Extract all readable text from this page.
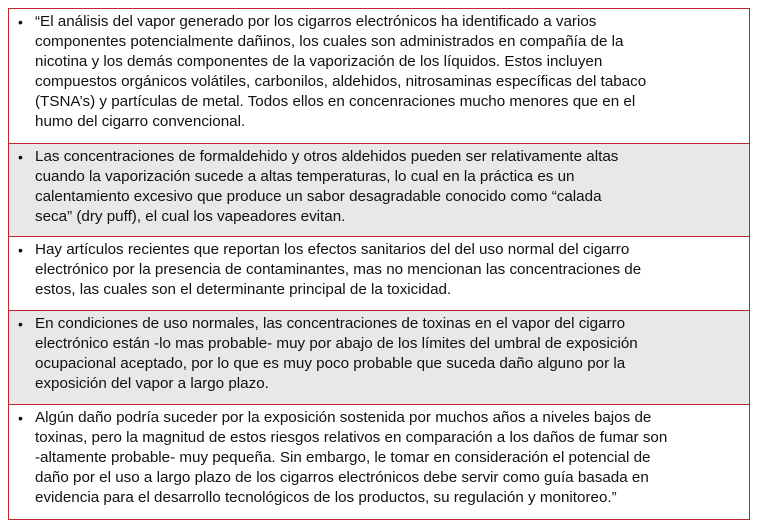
• “El análisis del vapor generado por los cigarros electrónicos ha identificado a varios
componentes potencialmente dañinos, los cuales son administrados en compañía de la
nicotina y los demás componentes de la vaporización de los líquidos. Estos incluyen
compuestos orgánicos volátiles, carbonilos, aldehidos, nitrosaminas específicas del tabaco
(TSNA’s) y partículas de metal. Todos ellos en concenraciones mucho menores que en el
humo del cigarro convencional.
• Las concentraciones de formaldehido y otros aldehidos pueden ser relativamente altas
cuando la vaporización sucede a altas temperaturas, lo cual en la práctica es un
calentamiento excesivo que produce un sabor desagradable conocido como “calada
seca” (dry puff), el cual los vapeadores evitan.
• Hay artículos recientes que reportan los efectos sanitarios del del uso normal del cigarro
electrónico por la presencia de contaminantes, mas no mencionan las concentraciones de
estos, las cuales son el determinante principal de la toxicidad.
• En condiciones de uso normales, las concentraciones de toxinas en el vapor del cigarro
electrónico están -lo mas probable- muy por abajo de los límites del umbral de exposición
ocupacional aceptado, por lo que es muy poco probable que suceda daño alguno por la
exposición del vapor a largo plazo.
• Algún daño podría suceder por la exposición sostenida por muchos años a niveles bajos de
toxinas, pero la magnitud de estos riesgos relativos en comparación a los daños de fumar son
-altamente probable- muy pequeña. Sin embargo, le tomar en consideración el potencial de
daño por el uso a largo plazo de los cigarros electrónicos debe servir como guía basada en
evidencia para el desarrollo tecnológicos de los productos, su regulación y monitoreo.”
